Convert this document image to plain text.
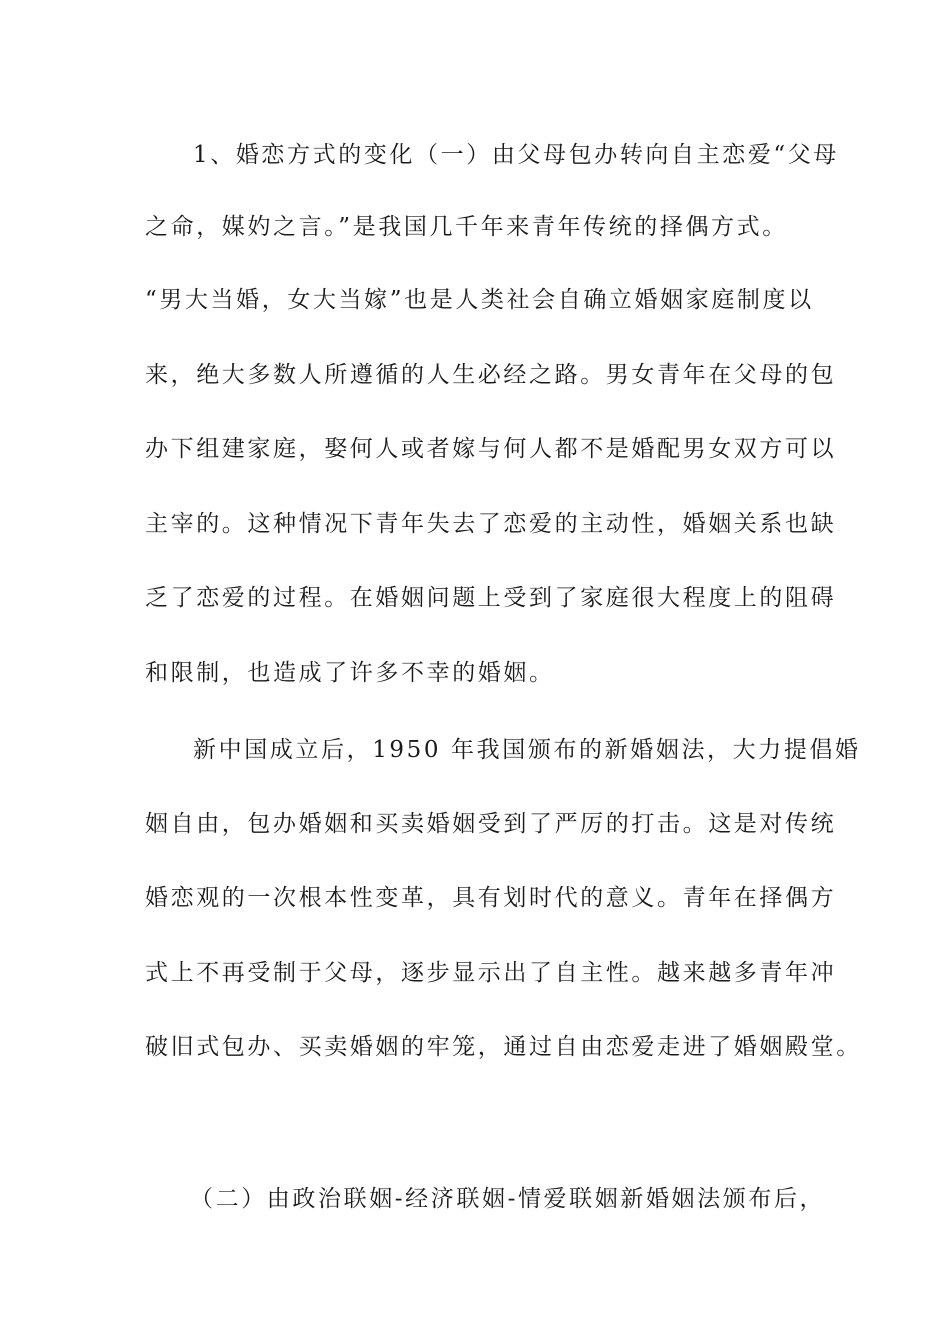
1、婚恋方式的变化（一）由父母包办转向自主恋爱“父母
之命，媒妁之言。”是我国几千年来青年传统的择偶方式。
“男大当婚，女大当嫁”也是人类社会自确立婚姻家庭制度以
来，绝大多数人所遵循的人生必经之路。男女青年在父母的包
办下组建家庭，娶何人或者嫁与何人都不是婚配男女双方可以
主宰的。这种情况下青年失去了恋爱的主动性，婚姻关系也缺
乏了恋爱的过程。在婚姻问题上受到了家庭很大程度上的阻碍
和限制，也造成了许多不幸的婚姻。
新中国成立后，1950 年我国颁布的新婚姻法，大力提倡婚
姻自由，包办婚姻和买卖婚姻受到了严厉的打击。这是对传统
婚恋观的一次根本性变革，具有划时代的意义。青年在择偶方
式上不再受制于父母，逐步显示出了自主性。越来越多青年冲
破旧式包办、买卖婚姻的牢笼，通过自由恋爱走进了婚姻殿堂。
（二）由政治联姻-经济联姻-情爱联姻新婚姻法颁布后，
